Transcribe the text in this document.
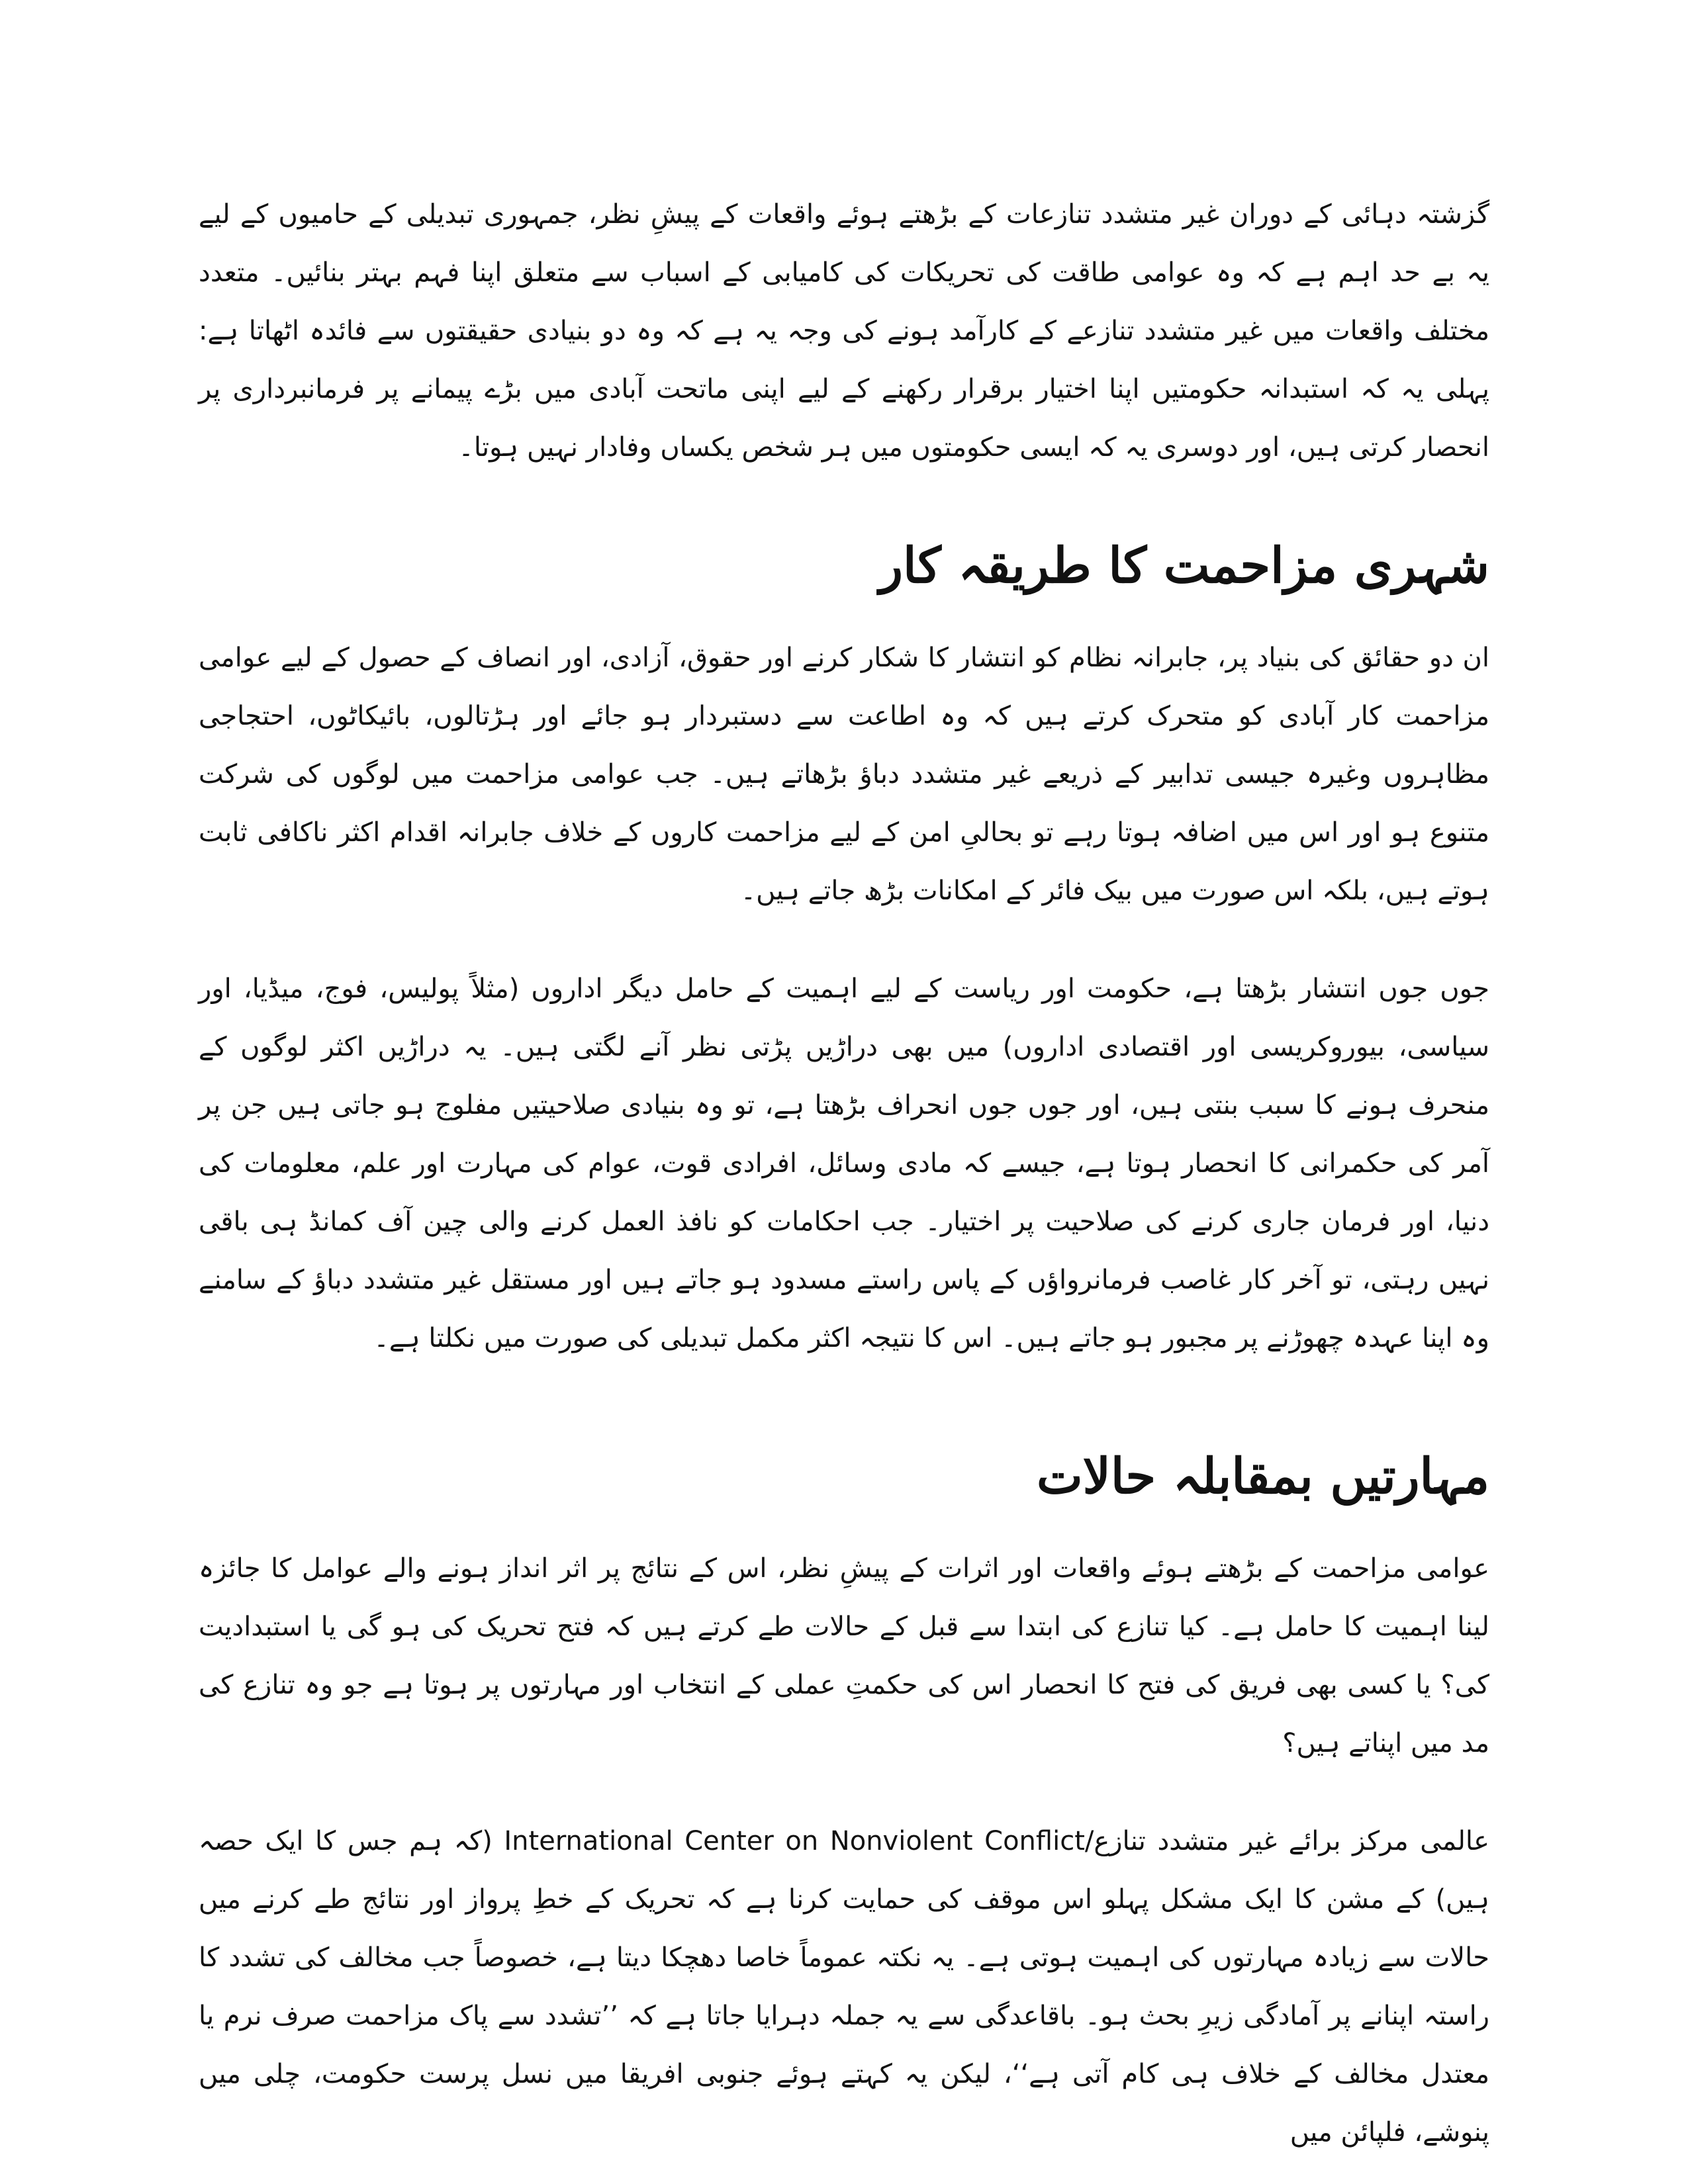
گزشتہ دہائی کے دوران غیر متشدد تنازعات کے بڑھتے ہوئے واقعات کے پیشِ نظر، جمہوری تبدیلی کے حامیوں کے لیے یہ بے حد اہم ہے کہ وہ عوامی طاقت کی تحریکات کی کامیابی کے اسباب سے متعلق اپنا فہم بہتر بنائیں۔ متعدد مختلف واقعات میں غیر متشدد تنازعے کے کارآمد ہونے کی وجہ یہ ہے کہ وہ دو بنیادی حقیقتوں سے فائدہ اٹھاتا ہے: پہلی یہ کہ استبدانہ حکومتیں اپنا اختیار برقرار رکھنے کے لیے اپنی ماتحت آبادی میں بڑے پیمانے پر فرمانبرداری پر انحصار کرتی ہیں، اور دوسری یہ کہ ایسی حکومتوں میں ہر شخص یکساں وفادار نہیں ہوتا۔

شہری مزاحمت کا طریقہ کار

ان دو حقائق کی بنیاد پر، جابرانہ نظام کو انتشار کا شکار کرنے اور حقوق، آزادی، اور انصاف کے حصول کے لیے عوامی مزاحمت کار آبادی کو متحرک کرتے ہیں کہ وہ اطاعت سے دستبردار ہو جائے اور ہڑتالوں، بائیکاٹوں، احتجاجی مظاہروں وغیرہ جیسی تدابیر کے ذریعے غیر متشدد دباؤ بڑھاتے ہیں۔ جب عوامی مزاحمت میں لوگوں کی شرکت متنوع ہو اور اس میں اضافہ ہوتا رہے تو بحالیِ امن کے لیے مزاحمت کاروں کے خلاف جابرانہ اقدام اکثر ناکافی ثابت ہوتے ہیں، بلکہ اس صورت میں بیک فائر کے امکانات بڑھ جاتے ہیں۔

جوں جوں انتشار بڑھتا ہے، حکومت اور ریاست کے لیے اہمیت کے حامل دیگر اداروں (مثلاً پولیس، فوج، میڈیا، اور سیاسی، بیوروکریسی اور اقتصادی اداروں) میں بھی دراڑیں پڑتی نظر آنے لگتی ہیں۔ یہ دراڑیں اکثر لوگوں کے منحرف ہونے کا سبب بنتی ہیں، اور جوں جوں انحراف بڑھتا ہے، تو وہ بنیادی صلاحیتیں مفلوج ہو جاتی ہیں جن پر آمر کی حکمرانی کا انحصار ہوتا ہے، جیسے کہ مادی وسائل، افرادی قوت، عوام کی مہارت اور علم، معلومات کی دنیا، اور فرمان جاری کرنے کی صلاحیت پر اختیار۔ جب احکامات کو نافذ العمل کرنے والی چین آف کمانڈ ہی باقی نہیں رہتی، تو آخر کار غاصب فرمانرواؤں کے پاس راستے مسدود ہو جاتے ہیں اور مستقل غیر متشدد دباؤ کے سامنے وہ اپنا عہدہ چھوڑنے پر مجبور ہو جاتے ہیں۔ اس کا نتیجہ اکثر مکمل تبدیلی کی صورت میں نکلتا ہے۔

مہارتیں بمقابلہ حالات

عوامی مزاحمت کے بڑھتے ہوئے واقعات اور اثرات کے پیشِ نظر، اس کے نتائج پر اثر انداز ہونے والے عوامل کا جائزہ لینا اہمیت کا حامل ہے۔ کیا تنازع کی ابتدا سے قبل کے حالات طے کرتے ہیں کہ فتح تحریک کی ہو گی یا استبدادیت کی؟ یا کسی بھی فریق کی فتح کا انحصار اس کی حکمتِ عملی کے انتخاب اور مہارتوں پر ہوتا ہے جو وہ تنازع کی مد میں اپناتے ہیں؟

عالمی مرکز برائے غیر متشدد تنازع/International Center on Nonviolent Conflict (کہ ہم جس کا ایک حصہ ہیں) کے مشن کا ایک مشکل پہلو اس موقف کی حمایت کرنا ہے کہ تحریک کے خطِ پرواز اور نتائج طے کرنے میں حالات سے زیادہ مہارتوں کی اہمیت ہوتی ہے۔ یہ نکتہ عموماً خاصا دھچکا دیتا ہے، خصوصاً جب مخالف کی تشدد کا راستہ اپنانے پر آمادگی زیرِ بحث ہو۔ باقاعدگی سے یہ جملہ دہرایا جاتا ہے کہ ’’تشدد سے پاک مزاحمت صرف نرم یا معتدل مخالف کے خلاف ہی کام آتی ہے‘‘، لیکن یہ کہتے ہوئے جنوبی افریقا میں نسل پرست حکومت، چلی میں پنوشے، فلپائن میں
